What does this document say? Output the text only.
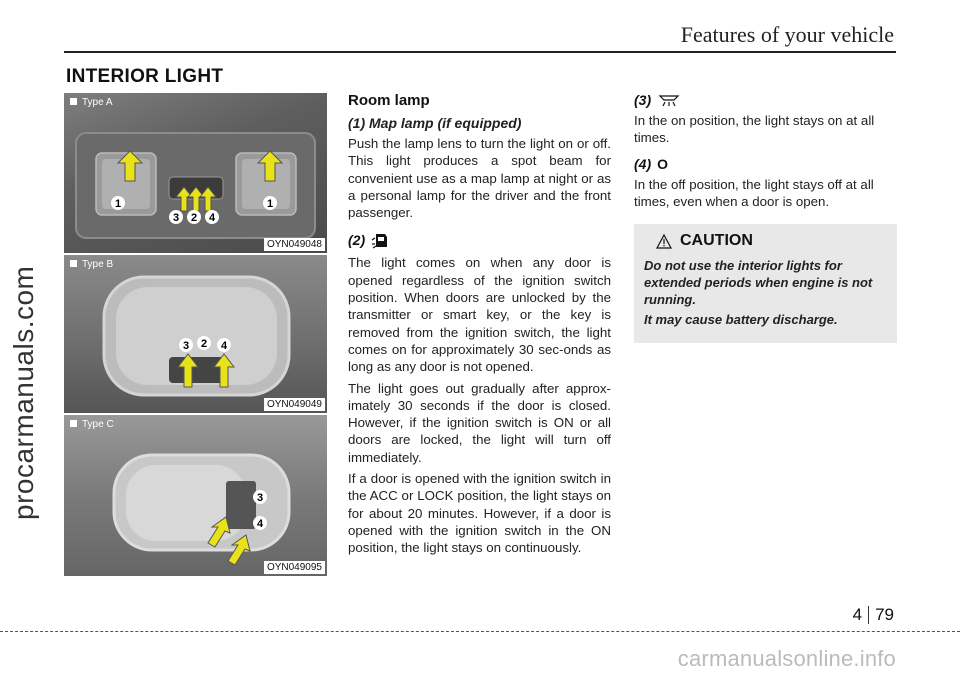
Features of your vehicle
procarmanuals.com
INTERIOR LIGHT
1
3 2 4
1
Type A
OYN049048
3 2 4
Type B
OYN049049
3
4
Type C
OYN049095
Room lamp
(1) Map lamp (if equipped)

Push the lamp lens to turn the light on or off. This light produces a spot beam for convenient use as a map lamp at night or as a personal lamp for the driver and the front passenger.

(2)

The light comes on when any door is opened regardless of the ignition switch position. When doors are unlocked by the transmitter or smart key, or the key is removed from the ignition switch, the light comes on for approximately 30 sec-onds as long as any door is not opened.

The light goes out gradually after approx-imately 30 seconds if the door is closed. However, if the ignition switch is ON or all doors are locked, the light will turn off immediately.

If a door is opened with the ignition switch in the ACC or LOCK position, the light stays on for about 20 minutes. However, if a door is opened with the ignition switch in the ON position, the light stays on continuously.

(3)

In the on position, the light stays on at all times.

(4) O

In the off position, the light stays off at all times, even when a door is open.

CAUTION

Do not use the interior lights for extended periods when engine is not running.

It may cause battery discharge.

4 79
carmanualsonline.info
